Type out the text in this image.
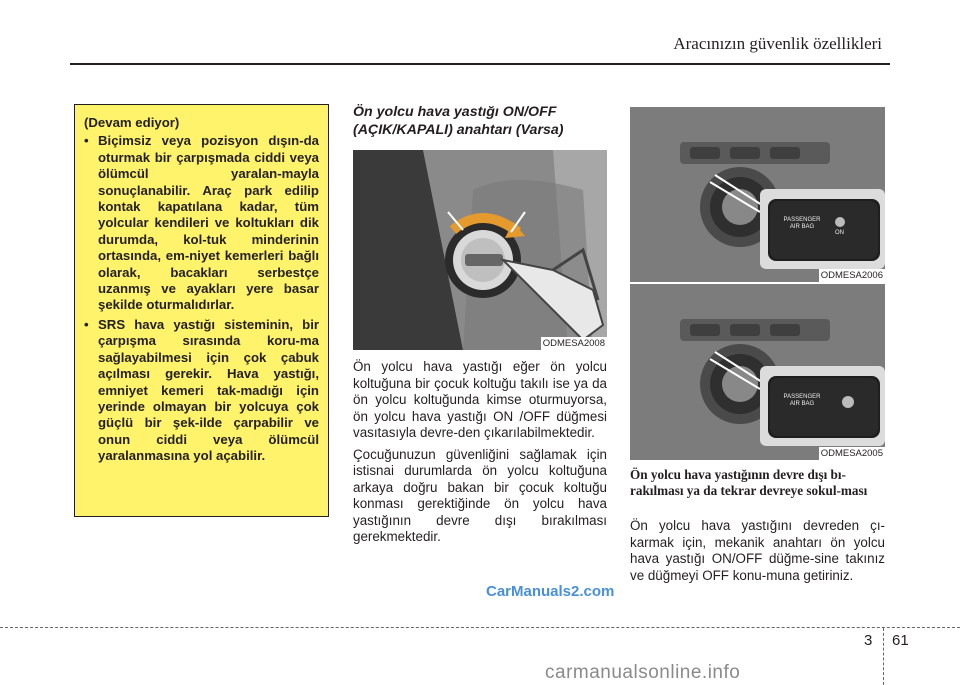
Aracınızın güvenlik özellikleri
(Devam ediyor)
• Biçimsiz veya pozisyon dışın-da oturmak bir çarpışmada ciddi veya ölümcül yaralan-mayla sonuçlanabilir. Araç park edilip kontak kapatılana kadar, tüm yolcular kendileri ve koltukları dik durumda, kol-tuk minderinin ortasında, em-niyet kemerleri bağlı olarak, bacakları serbestçe uzanmış ve ayakları yere basar şekilde oturmalıdırlar.
• SRS hava yastığı sisteminin, bir çarpışma sırasında koru-ma sağlayabilmesi için çok çabuk açılması gerekir. Hava yastığı, emniyet kemeri tak-madığı için yerinde olmayan bir yolcuya çok güçlü bir şek-ilde çarpabilir ve onun ciddi veya ölümcül yaralanmasına yol açabilir.
Ön yolcu hava yastığı ON/OFF (AÇIK/KAPALI) anahtarı (Varsa)
ODMESA2008

Ön yolcu hava yastığı eğer ön yolcu koltuğuna bir çocuk koltuğu takılı ise ya da ön yolcu koltuğunda kimse oturmuyorsa, ön yolcu hava yastığı ON /OFF düğmesi vasıtasıyla devre-den çıkarılabilmektedir.

Çocuğunuzun güvenliğini sağlamak için istisnai durumlarda ön yolcu koltuğuna arkaya doğru bakan bir çocuk koltuğu konması gerektiğinde ön yolcu hava yastığının devre dışı bırakılması gerekmektedir.

PASSENGER
AIR BAG
ON
ODMESA2006
PASSENGER
AIR BAG
ODMESA2005
Ön yolcu hava yastığının devre dışı bı-rakılması ya da tekrar devreye sokul-ması

Ön yolcu hava yastığını devreden çı-karmak için, mekanik anahtarı ön yolcu hava yastığı ON/OFF düğme-sine takınız ve düğmeyi OFF konu-muna getiriniz.

CarManuals2.com
3 61
carmanualsonline.info
